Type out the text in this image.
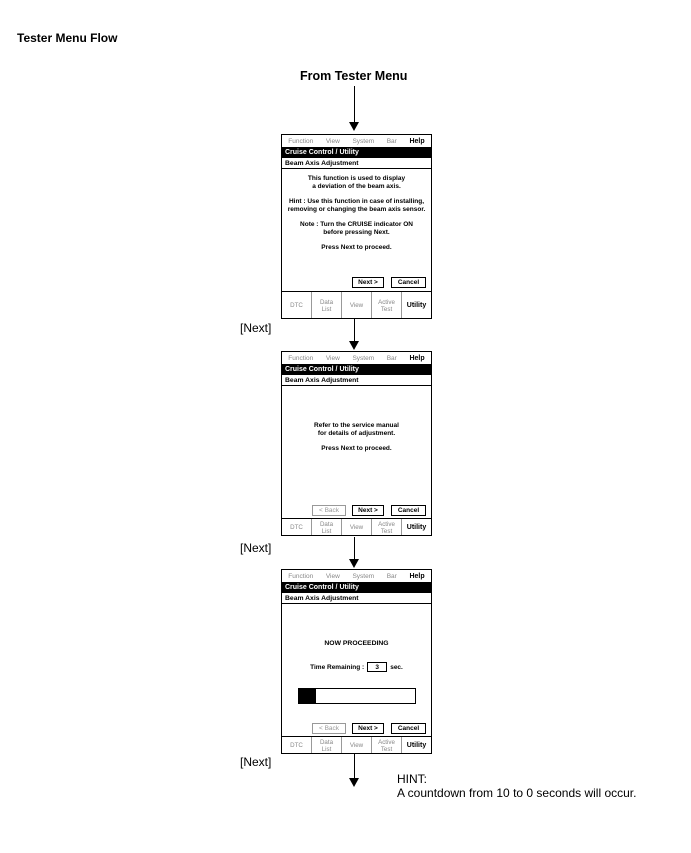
Tester Menu Flow
From Tester Menu
Function View System Bar Help
Cruise Control / Utility
Beam Axis Adjustment

This function is used to display
a deviation of the beam axis.

Hint : Use this function in case of installing,
removing or changing the beam axis sensor.

Note : Turn the CRUISE indicator ON
before pressing Next.

Press Next to proceed.

Next >	Cancel
DTC	Data
List	View	Active
Test	Utility
[Next]
Function View System Bar Help
Cruise Control / Utility
Beam Axis Adjustment

Refer to the service manual
for details of adjustment.

Press Next to proceed.

< Back	Next >	Cancel
DTC	Data
List	View	Active
Test	Utility
[Next]
Function View System Bar Help
Cruise Control / Utility
Beam Axis Adjustment
NOW PROCEEDING
Time Remaining :	3	sec.
< Back	Next >	Cancel
DTC	Data
List	View	Active
Test	Utility
[Next]
HINT:
A countdown from 10 to 0 seconds will occur.
